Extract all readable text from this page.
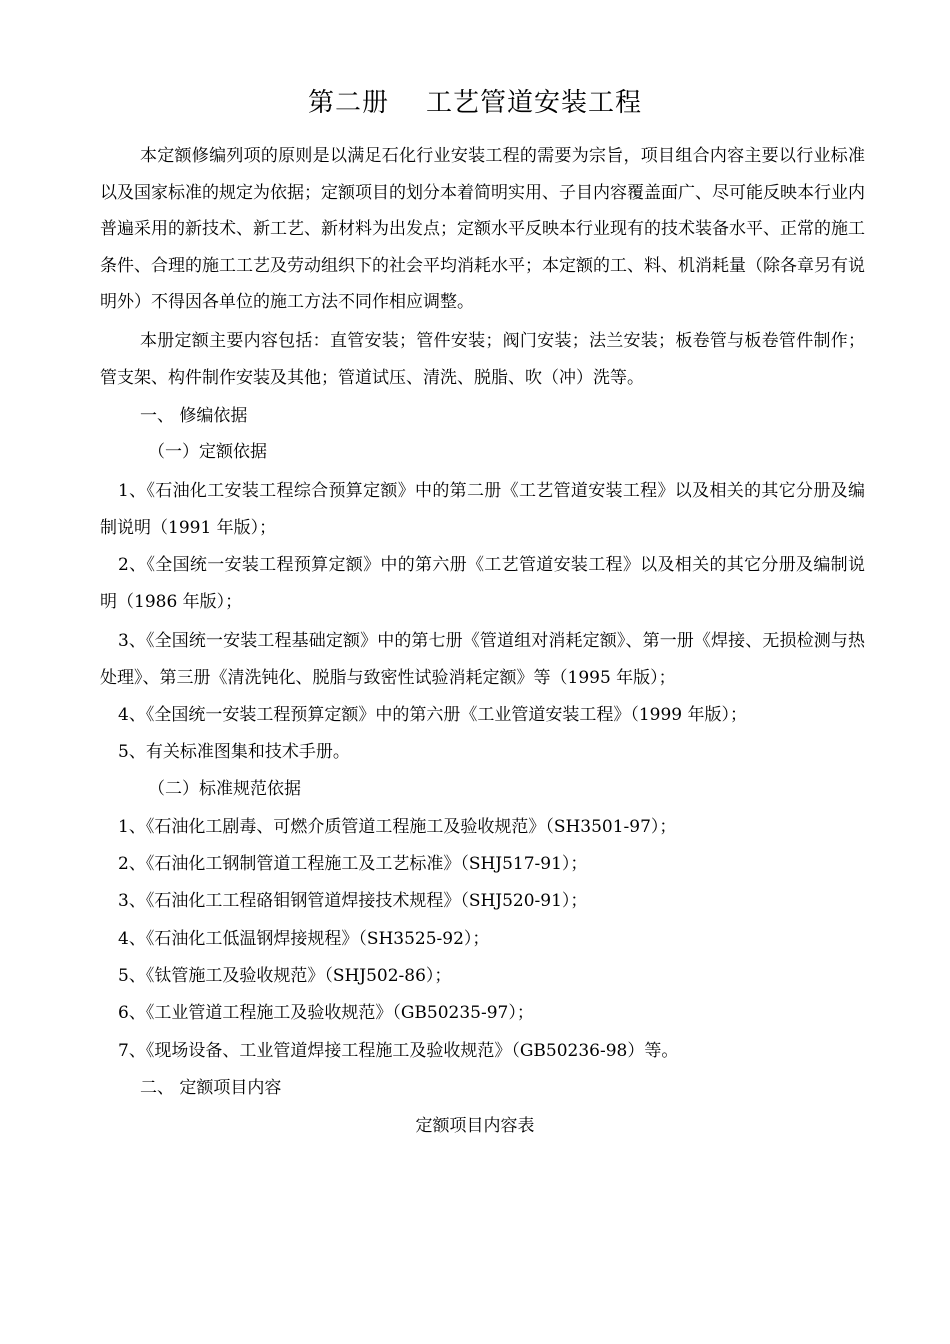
第二册    工艺管道安装工程
本定额修编列项的原则是以满足石化行业安装工程的需要为宗旨，项目组合内容主要以行业标准以及国家标准的规定为依据；定额项目的划分本着简明实用、子目内容覆盖面广、尽可能反映本行业内普遍采用的新技术、新工艺、新材料为出发点；定额水平反映本行业现有的技术装备水平、正常的施工条件、合理的施工工艺及劳动组织下的社会平均消耗水平；本定额的工、料、机消耗量（除各章另有说明外）不得因各单位的施工方法不同作相应调整。
本册定额主要内容包括：直管安装；管件安装；阀门安装；法兰安装；板卷管与板卷管件制作；管支架、构件制作安装及其他；管道试压、清洗、脱脂、吹（冲）洗等。
一、 修编依据
（一）定额依据
1、《石油化工安装工程综合预算定额》中的第二册《工艺管道安装工程》以及相关的其它分册及编制说明（1991 年版）；
2、《全国统一安装工程预算定额》中的第六册《工艺管道安装工程》以及相关的其它分册及编制说明（1986 年版）；
3、《全国统一安装工程基础定额》中的第七册《管道组对消耗定额》、第一册《焊接、无损检测与热处理》、第三册《清洗钝化、脱脂与致密性试验消耗定额》等（1995 年版）；
4、《全国统一安装工程预算定额》中的第六册《工业管道安装工程》（1999 年版）；
5、有关标准图集和技术手册。
（二）标准规范依据
1、《石油化工剧毒、可燃介质管道工程施工及验收规范》（SH3501-97）；
2、《石油化工钢制管道工程施工及工艺标准》（SHJ517-91）；
3、《石油化工工程硌钼钢管道焊接技术规程》（SHJ520-91）；
4、《石油化工低温钢焊接规程》（SH3525-92）；
5、《钛管施工及验收规范》（SHJ502-86）；
6、《工业管道工程施工及验收规范》（GB50235-97）；
7、《现场设备、工业管道焊接工程施工及验收规范》（GB50236-98）等。
二、 定额项目内容
定额项目内容表
